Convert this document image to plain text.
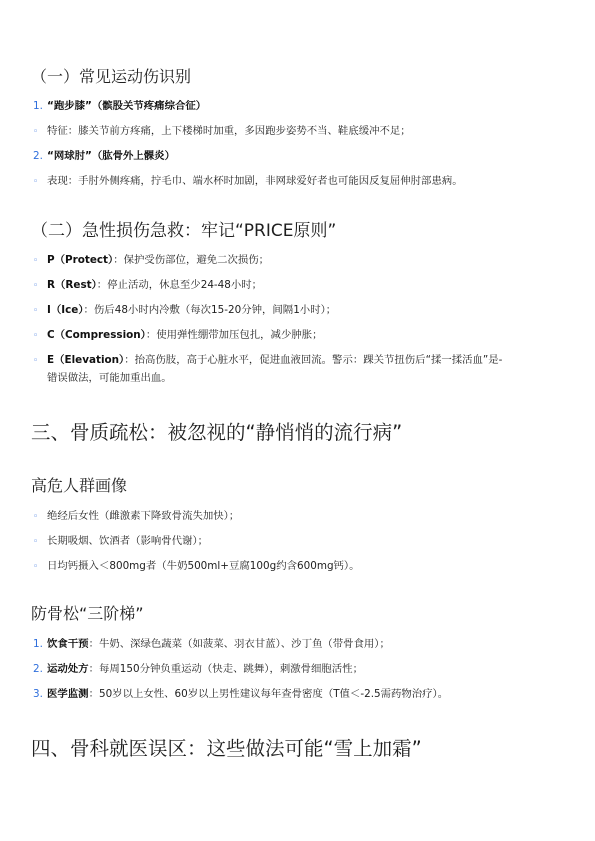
（一）常见运动伤识别
1. “跑步膝”（髌股关节疼痛综合征）
◦ 特征：膝关节前方疼痛，上下楼梯时加重，多因跑步姿势不当、鞋底缓冲不足；
2. “网球肘”（肱骨外上髁炎）
◦ 表现：手肘外侧疼痛，拧毛巾、端水杯时加剧，非网球爱好者也可能因反复屈伸肘部患病。
（二）急性损伤急救：牢记“PRICE原则”
◦ P（Protect）：保护受伤部位，避免二次损伤；
◦ R（Rest）：停止活动，休息至少24-48小时；
◦ I（Ice）：伤后48小时内冷敷（每次15-20分钟，间隔1小时）；
◦ C（Compression）：使用弹性绷带加压包扎，减少肿胀；
◦ E（Elevation）：抬高伤肢，高于心脏水平，促进血液回流。警示：踝关节扭伤后“揉一揉活血”是-
错误做法，可能加重出血。
三、骨质疏松：被忽视的“静悄悄的流行病”
高危人群画像
◦ 绝经后女性（雌激素下降致骨流失加快）；
◦ 长期吸烟、饮酒者（影响骨代谢）；
◦ 日均钙摄入＜800mg者（牛奶500ml+豆腐100g约含600mg钙）。
防骨松“三阶梯”
1. 饮食干预：牛奶、深绿色蔬菜（如菠菜、羽衣甘蓝）、沙丁鱼（带骨食用）；
2. 运动处方：每周150分钟负重运动（快走、跳舞），刺激骨细胞活性；
3. 医学监测：50岁以上女性、60岁以上男性建议每年查骨密度（T值＜-2.5需药物治疗）。
四、骨科就医误区：这些做法可能“雪上加霜”
